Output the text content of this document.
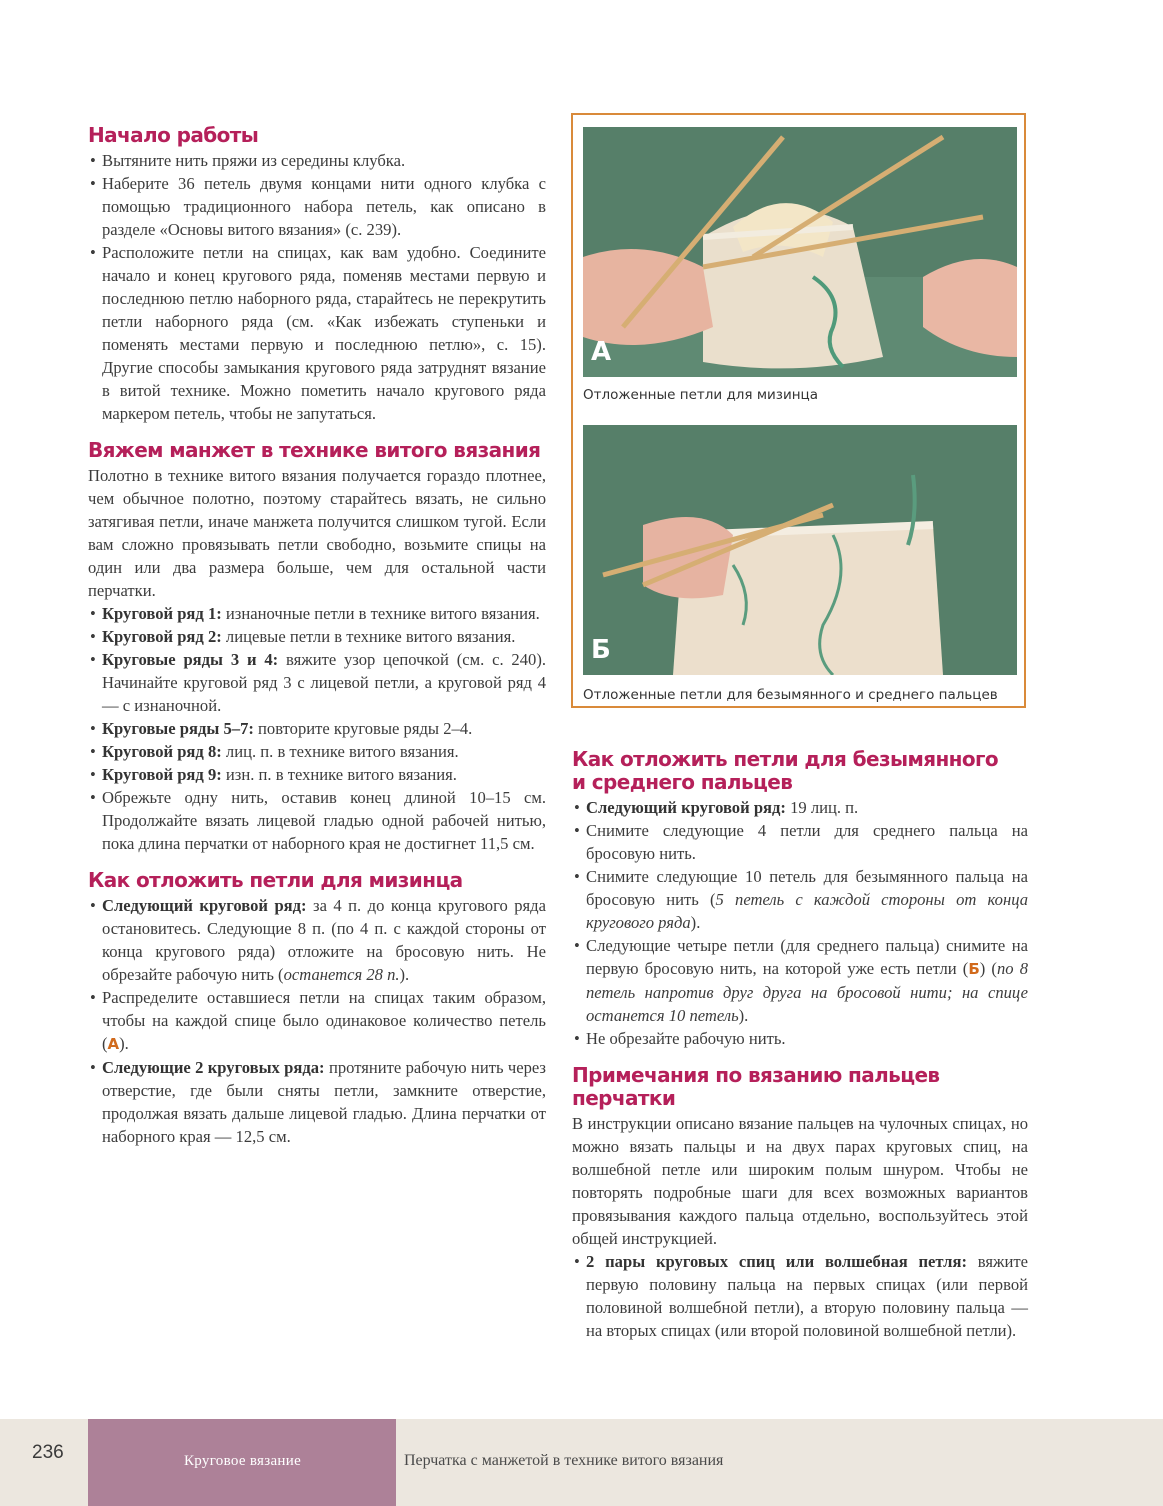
Начало работы
• Вытяните нить пряжи из середины клубка.
• Наберите 36 петель двумя концами нити одного клубка с помощью традиционного набора петель, как описано в разделе «Основы витого вязания» (с. 239).
• Расположите петли на спицах, как вам удобно. Соедините начало и конец кругового ряда, поменяв местами первую и последнюю петлю наборного ряда, старайтесь не перекрутить петли наборного ряда (см. «Как избежать ступеньки и поменять местами первую и последнюю петлю», с. 15). Другие способы замыкания кругового ряда затруднят вязание в витой технике. Можно пометить начало кругового ряда маркером петель, чтобы не запутаться.
Вяжем манжет в технике витого вязания

Полотно в технике витого вязания получается гораздо плотнее, чем обычное полотно, поэтому старайтесь вязать, не сильно затягивая петли, иначе манжета получится слишком тугой. Если вам сложно провязывать петли свободно, возьмите спицы на один или два размера больше, чем для остальной части перчатки.

• Круговой ряд 1: изнаночные петли в технике витого вязания.
• Круговой ряд 2: лицевые петли в технике витого вязания.
• Круговые ряды 3 и 4: вяжите узор цепочкой (см. с. 240). Начинайте круговой ряд 3 с лицевой петли, а круговой ряд 4 — с изнаночной.
• Круговые ряды 5–7: повторите круговые ряды 2–4.
• Круговой ряд 8: лиц. п. в технике витого вязания.
• Круговой ряд 9: изн. п. в технике витого вязания.
• Обрежьте одну нить, оставив конец длиной 10–15 см. Продолжайте вязать лицевой гладью одной рабочей нитью, пока длина перчатки от наборного края не достигнет 11,5 см.
Как отложить петли для мизинца
• Следующий круговой ряд: за 4 п. до конца кругового ряда остановитесь. Следующие 8 п. (по 4 п. с каждой стороны от конца кругового ряда) отложите на бросовую нить. Не обрезайте рабочую нить (останется 28 п.).
• Распределите оставшиеся петли на спицах таким образом, чтобы на каждой спице было одинаковое количество петель (А).
• Следующие 2 круговых ряда: протяните рабочую нить через отверстие, где были сняты петли, замкните отверстие, продолжая вязать дальше лицевой гладью. Длина перчатки от наборного края — 12,5 см.
А
Отложенные петли для мизинца
Б
Отложенные петли для безымянного и среднего пальцев
Как отложить петли для безымянного
и среднего пальцев
• Следующий круговой ряд: 19 лиц. п.
• Снимите следующие 4 петли для среднего пальца на бросовую нить.
• Снимите следующие 10 петель для безымянного пальца на бросовую нить (5 петель с каждой стороны от конца кругового ряда).
• Следующие четыре петли (для среднего пальца) снимите на первую бросовую нить, на которой уже есть петли (Б) (по 8 петель напротив друг друга на бросовой нити; на спице останется 10 петель).
• Не обрезайте рабочую нить.
Примечания по вязанию пальцев перчатки

В инструкции описано вязание пальцев на чулочных спицах, но можно вязать пальцы и на двух парах круговых спиц, на волшебной петле или широким полым шнуром. Чтобы не повторять подробные шаги для всех возможных вариантов провязывания каждого пальца отдельно, воспользуйтесь этой общей инструкцией.

• 2 пары круговых спиц или волшебная петля: вяжите первую половину пальца на первых спицах (или первой половиной волшебной петли), а вторую половину пальца — на вторых спицах (или второй половиной волшебной петли).
236	Круговое вязание	Перчатка с манжетой в технике витого вязания
